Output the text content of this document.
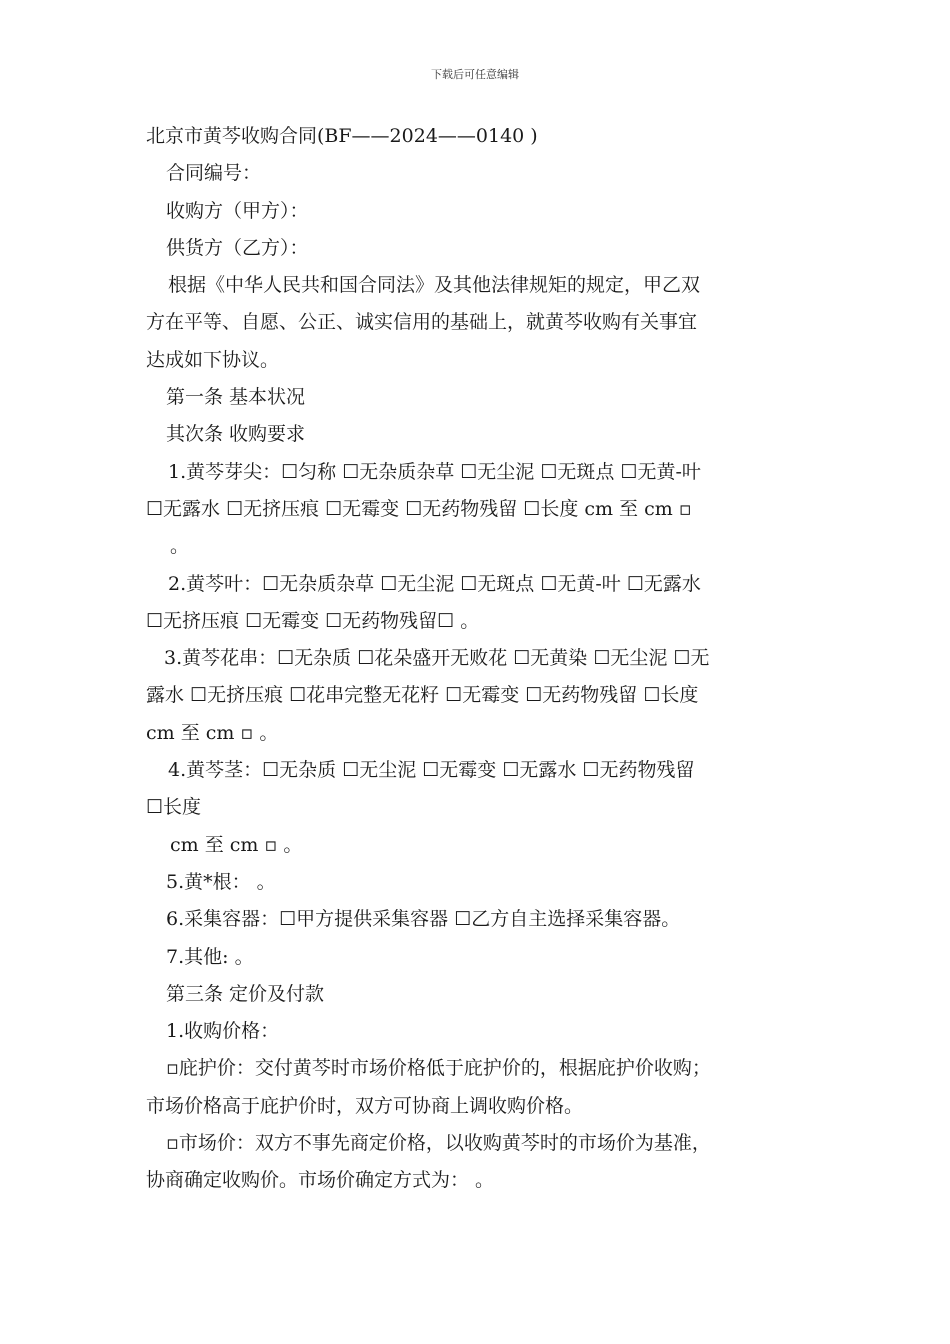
下载后可任意编辑
北京市黄芩收购合同(BF——2024——0140 )
合同编号：
收购方（甲方）：
供货方（乙方）：
根据《中华人民共和国合同法》及其他法律规矩的规定，甲乙双
方在平等、自愿、公正、诚实信用的基础上，就黄芩收购有关事宜
达成如下协议。
第一条 基本状况
其次条 收购要求
1.黄芩芽尖：☐匀称 ☐无杂质杂草 ☐无尘泥 ☐无斑点 ☐无黄-叶
☐无露水 ☐无挤压痕 ☐无霉变 ☐无药物残留 ☐长度 cm 至 cm ▫
。
2.黄芩叶：☐无杂质杂草 ☐无尘泥 ☐无斑点 ☐无黄-叶 ☐无露水
☐无挤压痕 ☐无霉变 ☐无药物残留☐ 。
3.黄芩花串：☐无杂质 ☐花朵盛开无败花 ☐无黄染 ☐无尘泥 ☐无
露水 ☐无挤压痕 ☐花串完整无花籽 ☐无霉变 ☐无药物残留 ☐长度
cm 至 cm ▫ 。
4.黄芩茎：☐无杂质 ☐无尘泥 ☐无霉变 ☐无露水 ☐无药物残留
☐长度
cm 至 cm ▫ 。
5.黄*根： 。
6.采集容器：☐甲方提供采集容器 ☐乙方自主选择采集容器。
7.其他: 。
第三条 定价及付款
1.收购价格：
▫庇护价：交付黄芩时市场价格低于庇护价的，根据庇护价收购；
市场价格高于庇护价时，双方可协商上调收购价格。
▫市场价：双方不事先商定价格，以收购黄芩时的市场价为基准，
协商确定收购价。市场价确定方式为： 。
